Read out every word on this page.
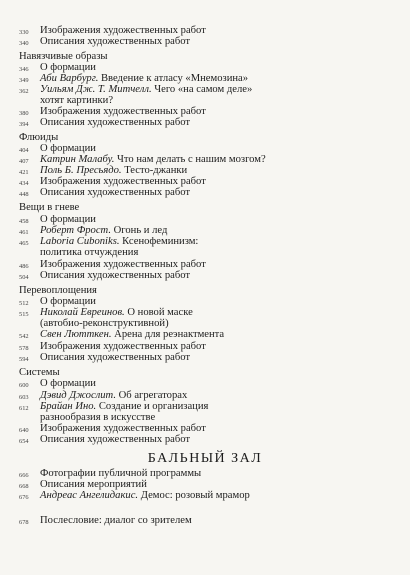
330	Изображения художественных работ
340	Описания художественных работ
Навязчивые образы
346	О формации
349	Аби Варбург. Введение к атласу «Мнемозина»
362	Уильям Дж. Т. Митчелл. Чего «на самом деле»
хотят картинки?
380	Изображения художественных работ
394	Описания художественных работ
Флюиды
404	О формации
407	Катрин Малабу. Что нам делать с нашим мозгом?
421	Поль Б. Пресьядо. Тесто-джанки
434	Изображения художественных работ
448	Описания художественных работ
Вещи в гневе
458	О формации
461	Роберт Фрост. Огонь и лед
465	Laboria Cuboniks. Ксенофеминизм:
политика отчуждения
486	Изображения художественных работ
504	Описания художественных работ
Перевоплощения
512	О формации
515	Николай Евреинов. О новой маске
(автобио-реконструктивной)
542	Свен Лютткен. Арена для реэнактмента
578	Изображения художественных работ
594	Описания художественных работ
Системы
600	О формации
603	Дэвид Джослит. Об агрегаторах
612	Брайан Ино. Создание и организация
разнообразия в искусстве
640	Изображения художественных работ
654	Описания художественных работ
БАЛЬНЫЙ ЗАЛ
666	Фотографии публичной программы
668	Описания мероприятий
676	Андреас Ангелидакис. Демос: розовый мрамор
678	Послесловие: диалог со зрителем
